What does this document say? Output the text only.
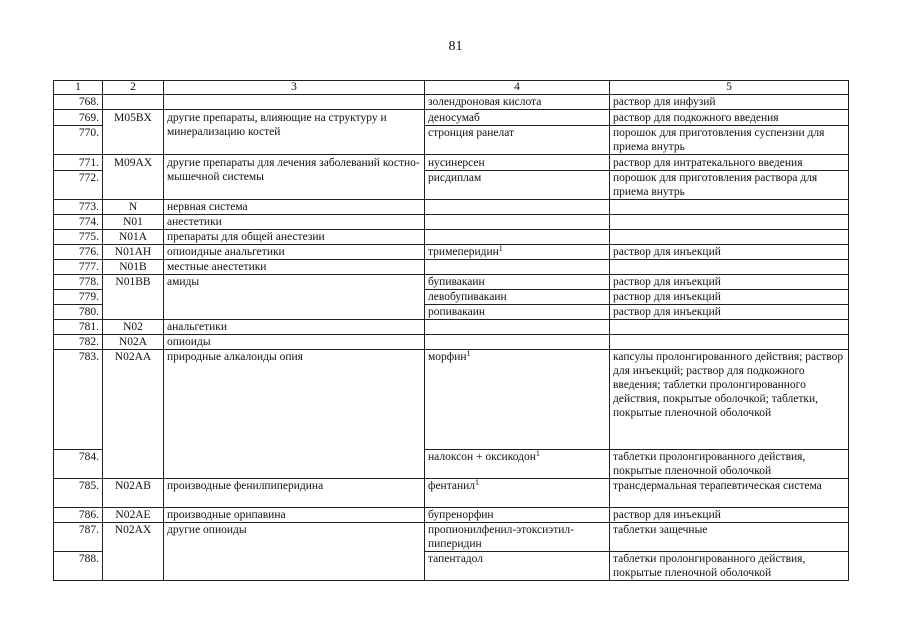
81
1	2	3	4	5
768.			золендроновая кислота	раствор для инфузий
769.	M05BX	другие препараты, влияющие на структуру и минерализацию костей	деносумаб	раствор для подкожного введения
770.			стронция ранелат	порошок для приготовления суспензии для приема внутрь
771.	M09AX	другие препараты для лечения заболеваний костно-мышечной системы	нусинерсен	раствор для интратекального введения
772.			рисдиплам	порошок для приготовления раствора для приема внутрь
773.	N	нервная система		
774.	N01	анестетики		
775.	N01A	препараты для общей анестезии		
776.	N01AH	опиоидные анальгетики	тримеперидин$^1$	раствор для инъекций
777.	N01B	местные анестетики		
778.	N01BB	амиды	бупивакаин	раствор для инъекций
779.			левобупивакаин	раствор для инъекций
780.			ропивакаин	раствор для инъекций
781.	N02	анальгетики		
782.	N02A	опиоиды		
783.	N02AA	природные алкалоиды опия	морфин$^1$	капсулы пролонгированного действия; раствор для инъекций; раствор для подкожного введения; таблетки пролонгированного действия, покрытые оболочкой; таблетки, покрытые пленочной оболочкой
784.			налоксон + оксикодон$^1$	таблетки пролонгированного действия, покрытые пленочной оболочкой
785.	N02AB	производные фенилпиперидина	фентанил$^1$	трансдермальная терапевтическая система
786.	N02AE	производные орипавина	бупренорфин	раствор для инъекций
787.	N02AX	другие опиоиды	пропионилфенил-этоксиэтил-пиперидин	таблетки защечные
788.			тапентадол	таблетки пролонгированного действия, покрытые пленочной оболочкой
